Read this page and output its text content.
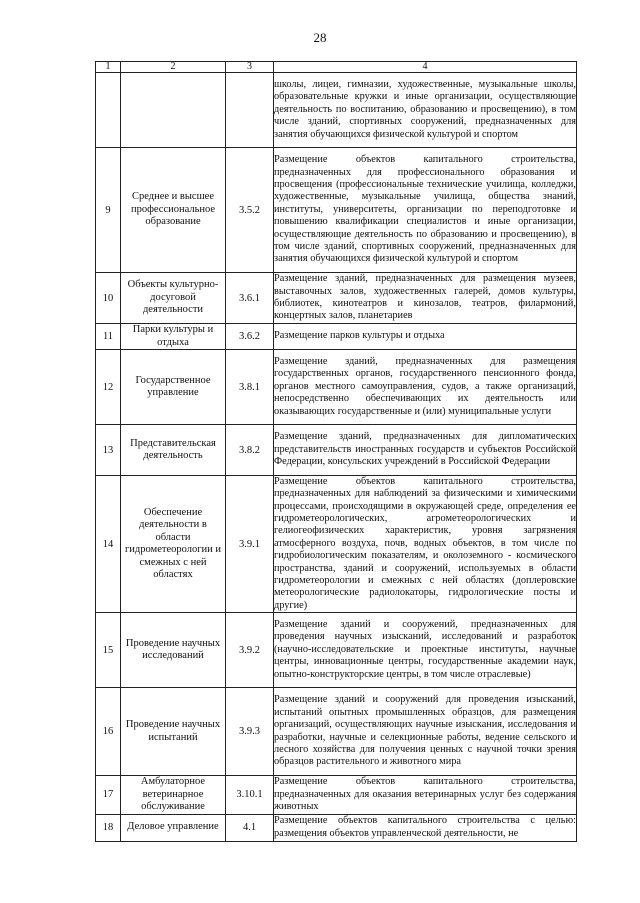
28
1	2	3	4
			школы, лицеи, гимназии, художественные, музыкальные школы, образовательные кружки и иные организации, осуществляющие деятельность по воспитанию, образованию и просвещению), в том числе зданий, спортивных сооружений, предназначенных для занятия обучающихся физической культурой и спортом
9	Среднее и высшее профессиональное образование	3.5.2	Размещение объектов капитального строительства, предназначенных для профессионального образования и просвещения (профессиональные технические училища, колледжи, художественные, музыкальные училища, общества знаний, институты, университеты, организации по переподготовке и повышению квалификации специалистов и иные организации, осуществляющие деятельность по образованию и просвещению), в том числе зданий, спортивных сооружений, предназначенных для занятия обучающихся физической культурой и спортом
10	Объекты культурно-досуговой деятельности	3.6.1	Размещение зданий, предназначенных для размещения музеев, выставочных залов, художественных галерей, домов культуры, библиотек, кинотеатров и кинозалов, театров, филармоний, концертных залов, планетариев
11	Парки культуры и отдыха	3.6.2	Размещение парков культуры и отдыха
12	Государственное управление	3.8.1	Размещение зданий, предназначенных для размещения государственных органов, государственного пенсионного фонда, органов местного самоуправления, судов, а также организаций, непосредственно обеспечивающих их деятельность или оказывающих государственные и (или) муниципальные услуги
13	Представительская деятельность	3.8.2	Размещение зданий, предназначенных для дипломатических представительств иностранных государств и субъектов Российской Федерации, консульских учреждений в Российской Федерации
14	Обеспечение деятельности в области гидрометеорологии и смежных с ней областях	3.9.1	Размещение объектов капитального строительства, предназначенных для наблюдений за физическими и химическими процессами, происходящими в окружающей среде, определения ее гидрометеорологических, агрометеорологических и гелиогеофизических характеристик, уровня загрязнения атмосферного воздуха, почв, водных объектов, в том числе по гидробиологическим показателям, и околоземного - космического пространства, зданий и сооружений, используемых в области гидрометеорологии и смежных с ней областях (доплеровские метеорологические радиолокаторы, гидрологические посты и другие)
15	Проведение научных исследований	3.9.2	Размещение зданий и сооружений, предназначенных для проведения научных изысканий, исследований и разработок (научно-исследовательские и проектные институты, научные центры, инновационные центры, государственные академии наук, опытно-конструкторские центры, в том числе отраслевые)
16	Проведение научных испытаний	3.9.3	Размещение зданий и сооружений для проведения изысканий, испытаний опытных промышленных образцов, для размещения организаций, осуществляющих научные изыскания, исследования и разработки, научные и селекционные работы, ведение сельского и лесного хозяйства для получения ценных с научной точки зрения образцов растительного и животного мира
17	Амбулаторное ветеринарное обслуживание	3.10.1	Размещение объектов капитального строительства, предназначенных для оказания ветеринарных услуг без содержания животных
18	Деловое управление	4.1	Размещение объектов капитального строительства с целью: размещения объектов управленческой деятельности, не
